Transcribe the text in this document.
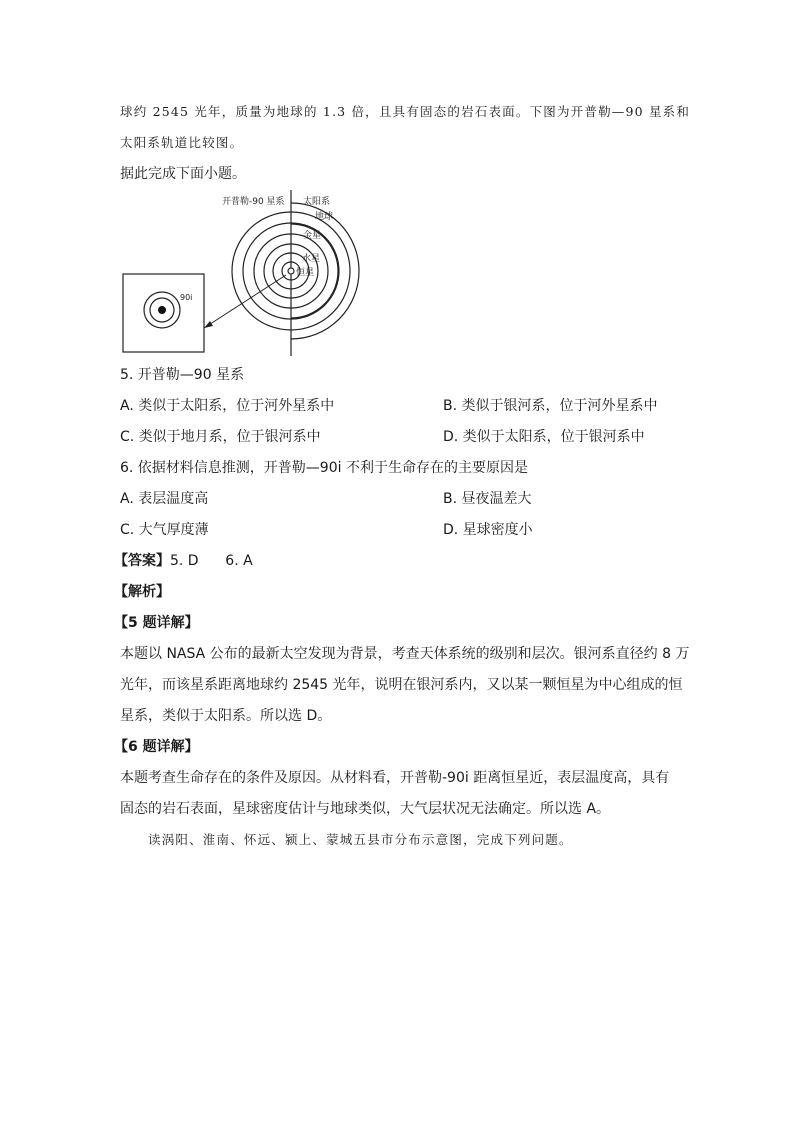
球约 2545 光年，质量为地球的 1.3 倍，且具有固态的岩石表面。下图为开普勒—90 星系和
太阳系轨道比较图。
据此完成下面小题。
开普勒-90 星系 太阳系
地球
金星
水星
恒星
90i
5. 开普勒—90 星系
A. 类似于太阳系，位于河外星系中	B. 类似于银河系，位于河外星系中
C. 类似于地月系，位于银河系中	D. 类似于太阳系，位于银河系中
6. 依据材料信息推测，开普勒—90i 不利于生命存在的主要原因是
A. 表层温度高	B. 昼夜温差大
C. 大气厚度薄	D. 星球密度小
【答案】5. D      6. A
【解析】
【5 题详解】
本题以 NASA 公布的最新太空发现为背景，考查天体系统的级别和层次。银河系直径约 8 万
光年，而该星系距离地球约 2545 光年，说明在银河系内，又以某一颗恒星为中心组成的恒
星系，类似于太阳系。所以选 D。
【6 题详解】
本题考查生命存在的条件及原因。从材料看，开普勒-90i 距离恒星近，表层温度高，具有
固态的岩石表面，星球密度估计与地球类似，大气层状况无法确定。所以选 A。
读涡阳、淮南、怀远、颍上、蒙城五县市分布示意图，完成下列问题。
